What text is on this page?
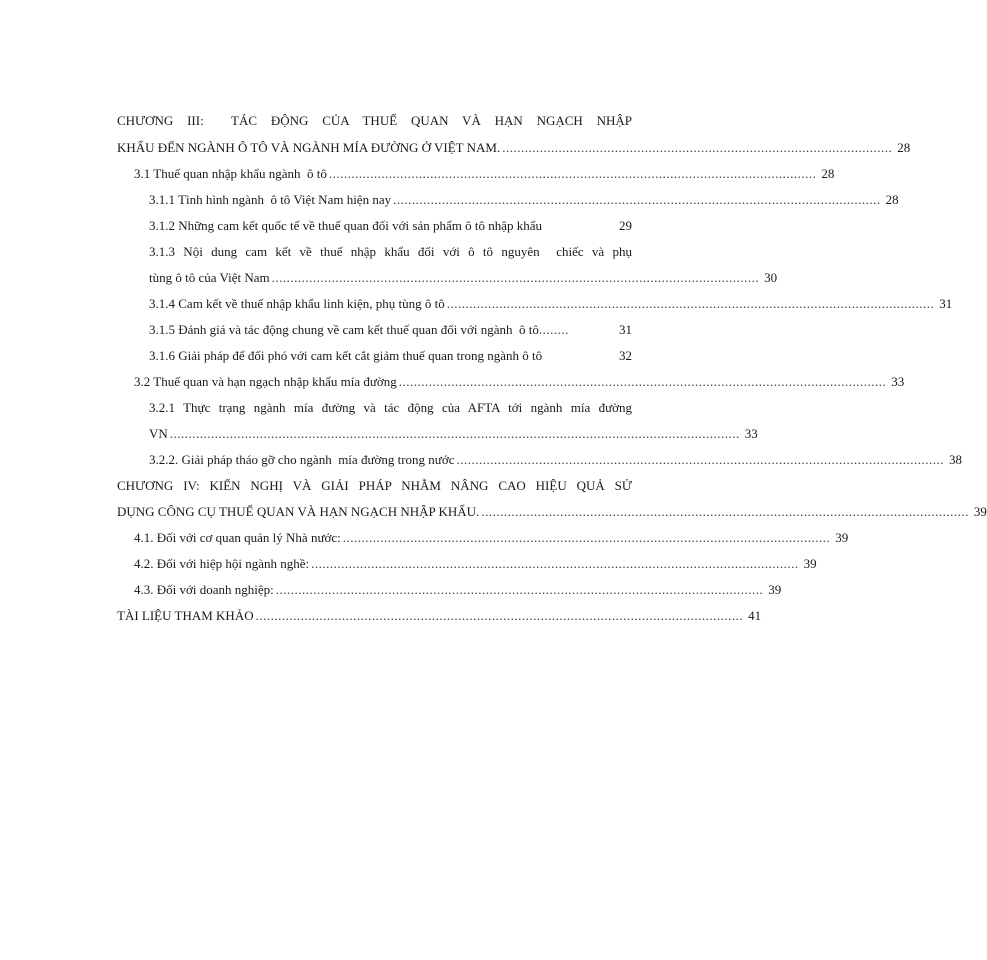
CHƯƠNG III:  TÁC ĐỘNG CỦA THUẾ QUAN VÀ HẠN NGẠCH NHẬP
KHẨU ĐẾN NGÀNH Ô TÔ VÀ NGÀNH MÍA ĐƯỜNG Ở VIỆT NAM. ........................................................................................................ 28
3.1 Thuế quan nhập khẩu ngành  ô tô .................................................................................................................................. 28
3.1.1 Tình hình ngành  ô tô Việt Nam hiện nay .................................................................................................................................. 28
3.1.2 Những cam kết quốc tế về thuế quan đối với sản phẩm ô tô nhập khẩu	29
3.1.3 Nội dung cam kết về thuế nhập khẩu đối với ô tô nguyên  chiếc và phụ
tùng ô tô của Việt Nam .................................................................................................................................. 30
3.1.4 Cam kết về thuế nhập khẩu linh kiện, phụ tùng ô tô .................................................................................................................................. 31
3.1.5 Đánh giá và tác động chung về cam kết thuế quan đối với ngành  ô tô ........	31
3.1.6 Giải pháp để đối phó với cam kết cắt giảm thuế quan trong ngành ô tô	32
3.2 Thuế quan và hạn ngạch nhập khẩu mía đường .................................................................................................................................. 33
3.2.1 Thực trạng ngành mía đường và tác động của AFTA tới ngành mía đường
VN ........................................................................................................................................................ 33
3.2.2. Giải pháp tháo gỡ cho ngành  mía đường trong nước .................................................................................................................................. 38
CHƯƠNG IV: KIẾN NGHỊ VÀ GIẢI PHÁP NHẰM NÂNG CAO HIỆU QUẢ SỬ
DỤNG CÔNG CỤ THUẾ QUAN VÀ HẠN NGẠCH NHẬP KHẨU. .................................................................................................................................. 39
4.1. Đối với cơ quan quản lý Nhà nước: .................................................................................................................................. 39
4.2. Đối với hiệp hội ngành nghề: .................................................................................................................................. 39
4.3. Đối với doanh nghiệp: .................................................................................................................................. 39
TÀI LIỆU THAM KHẢO .................................................................................................................................. 41
